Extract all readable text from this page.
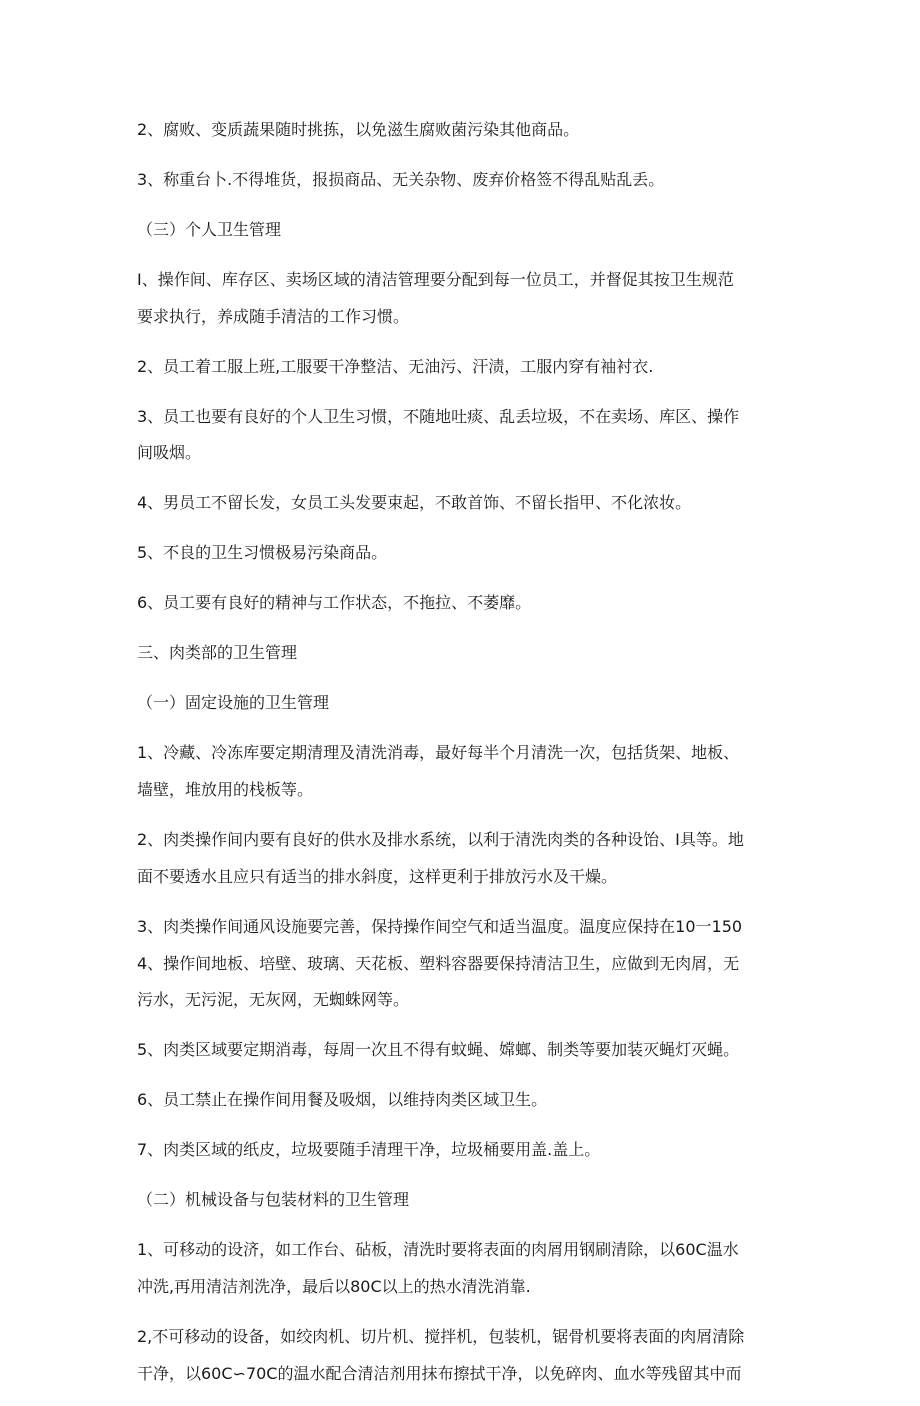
2、腐败、变质蔬果随时挑拣，以免滋生腐败菌污染其他商品。

3、称重台卜.不得堆货，报损商品、无关杂物、废弃价格签不得乱贴乱丢。

（三）个人卫生管理

I、操作间、库存区、卖场区域的清洁管理要分配到每一位员工，并督促其按卫生规范
要求执行，养成随手清洁的工作习惯。

2、员工着工服上班,工服要干净整洁、无油污、汗渍，工服内穿有袖衬衣.

3、员工也要有良好的个人卫生习惯，不随地吐痰、乱丢垃圾，不在卖场、库区、操作
间吸烟。

4、男员工不留长发，女员工头发要束起，不敢首饰、不留长指甲、不化浓妆。

5、不良的卫生习惯极易污染商品。

6、员工要有良好的精神与工作状态，不拖拉、不萎靡。

三、肉类部的卫生管理

（一）固定设施的卫生管理

1、冷藏、冷冻库要定期清理及清洗消毒，最好每半个月清洗一次，包括货架、地板、
墙壁，堆放用的栈板等。

2、肉类操作间内要有良好的供水及排水系统，以利于清洗肉类的各种设饴、I具等。地
面不要透水且应只有适当的排水斜度，这样更利于排放污水及干燥。

3、肉类操作间通风设施要完善，保持操作间空气和适当温度。温度应保持在10一150

4、操作间地板、培壁、玻璃、天花板、塑料容器要保持清洁卫生，应做到无肉屑，无
污水，无污泥，无灰网，无蜘蛛网等。

5、肉类区域要定期消毒，每周一次且不得有蚊蝇、嫦螂、制类等要加装灭蝇灯灭蝇。

6、员工禁止在操作间用餐及吸烟，以维持肉类区域卫生。

7、肉类区域的纸皮，垃圾要随手清理干净，垃圾桶要用盖.盖上。

（二）机械设备与包装材料的卫生管理

1、可移动的设济，如工作台、砧板，清洗时要将表面的肉屑用钢刷清除，以60C温水
冲洗,再用清洁剂洗净，最后以80C以上的热水清洗消靠.

2,不可移动的设备，如绞肉机、切片机、搅拌机，包装机，锯骨机要将表面的肉屑清除
干净，以60C∽70C的温水配合清洁剂用抹布擦拭干净，以免碎肉、血水等残留其中而
